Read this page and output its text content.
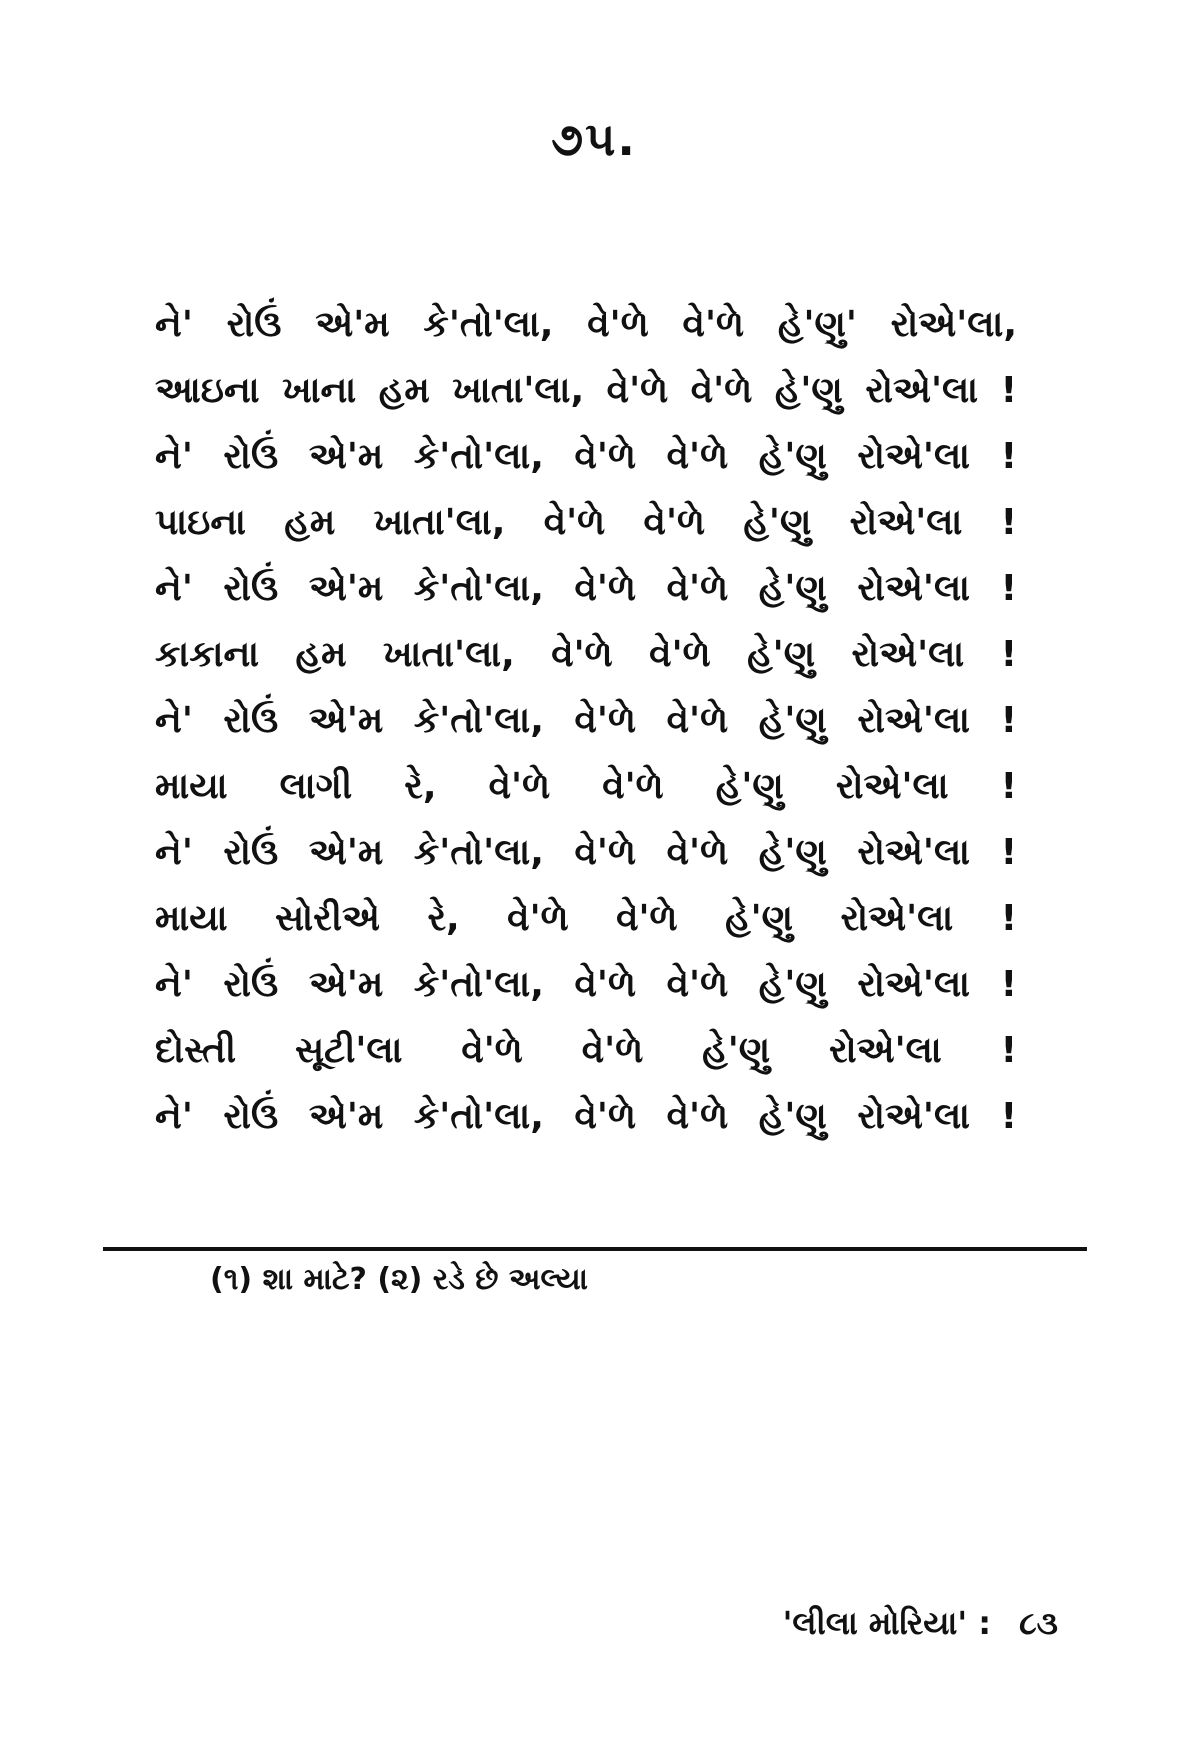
૭૫.
ને' રોઉં એ'મ કે'તો'લા, વે'ળે વે'ળે હે'ણુ' રોએ'લા,
આઇના ખાના હમ ખાતા'લા, વે'ળે વે'ળે હે'ણુ રોએ'લા !
ને' રોઉં એ'મ કે'તો'લા, વે'ળે વે'ળે હે'ણુ રોએ'લા !
પાઇના હમ ખાતા'લા, વે'ળે વે'ળે હે'ણુ રોએ'લા !
ને' રોઉં એ'મ કે'તો'લા, વે'ળે વે'ળે હે'ણુ રોએ'લા !
કાકાના હમ ખાતા'લા, વે'ળે વે'ળે હે'ણુ રોએ'લા !
ને' રોઉં એ'મ કે'તો'લા, વે'ળે વે'ળે હે'ણુ રોએ'લા !
માયા લાગી રે, વે'ળે વે'ળે હે'ણુ રોએ'લા !
ને' રોઉં એ'મ કે'તો'લા, વે'ળે વે'ળે હે'ણુ રોએ'લા !
માયા સોરીએ રે, વે'ળે વે'ળે હે'ણુ રોએ'લા !
ને' રોઉં એ'મ કે'તો'લા, વે'ળે વે'ળે હે'ણુ રોએ'લા !
દોસ્તી સૂટી'લા વે'ળે વે'ળે હે'ણુ રોએ'લા !
ને' રોઉં એ'મ કે'તો'લા, વે'ળે વે'ળે હે'ણુ રોએ'લા !
(૧) શા માટે? (૨) રડે છે અલ્યા
'લીલા મોરિયા' : ૮૩
